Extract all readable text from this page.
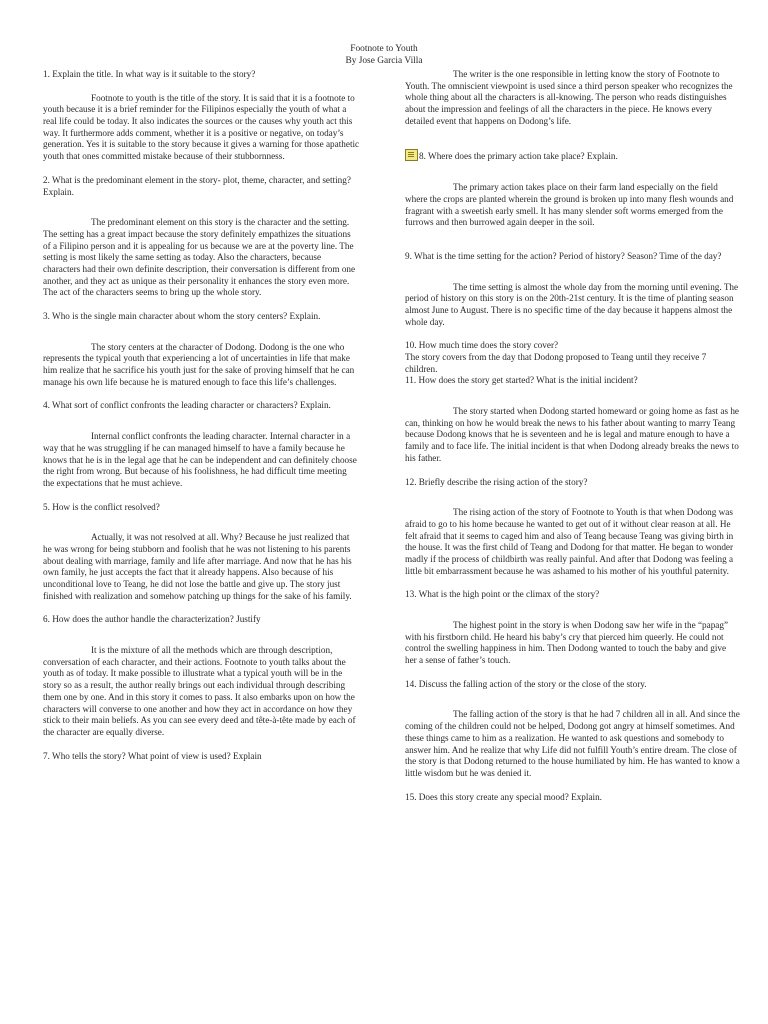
Footnote to Youth
By Jose Garcia Villa

1. Explain the title. In what way is it suitable to the story?

Footnote to youth is the title of the story. It is said that it is a footnote to youth because it is a brief reminder for the Filipinos especially the youth of what a real life could be today. It also indicates the sources or the causes why youth act this way. It furthermore adds comment, whether it is a positive or negative, on today’s generation. Yes it is suitable to the story because it gives a warning for those apathetic youth that ones committed mistake because of their stubbornness.

2. What is the predominant element in the story- plot, theme, character, and setting? Explain.

The predominant element on this story is the character and the setting. The setting has a great impact because the story definitely empathizes the situations of a Filipino person and it is appealing for us because we are at the poverty line. The setting is most likely the same setting as today. Also the characters, because characters had their own definite description, their conversation is different from one another, and they act as unique as their personality it enhances the story even more. The act of the characters seems to bring up the whole story.

3. Who is the single main character about whom the story centers? Explain.

The story centers at the character of Dodong. Dodong is the one who represents the typical youth that experiencing a lot of uncertainties in life that make him realize that he sacrifice his youth just for the sake of proving himself that he can manage his own life because he is matured enough to face this life’s challenges.

4. What sort of conflict confronts the leading character or characters? Explain.

Internal conflict confronts the leading character. Internal character in a way that he was struggling if he can managed himself to have a family because he knows that he is in the legal age that he can be independent and can definitely choose the right from wrong. But because of his foolishness, he had difficult time meeting the expectations that he must achieve.

5. How is the conflict resolved?

Actually, it was not resolved at all. Why? Because he just realized that he was wrong for being stubborn and foolish that he was not listening to his parents about dealing with marriage, family and life after marriage. And now that he has his own family, he just accepts the fact that it already happens. Also because of his unconditional love to Teang, he did not lose the battle and give up. The story just finished with realization and somehow patching up things for the sake of his family.

6. How does the author handle the characterization? Justify

It is the mixture of all the methods which are through description, conversation of each character, and their actions. Footnote to youth talks about the youth as of today. It make possible to illustrate what a typical youth will be in the story so as a result, the author really brings out each individual through describing them one by one. And in this story it comes to pass. It also embarks upon on how the characters will converse to one another and how they act in accordance on how they stick to their main beliefs. As you can see every deed and tête-à-tête made by each of the character are equally diverse.

7. Who tells the story? What point of view is used? Explain

The writer is the one responsible in letting know the story of Footnote to Youth. The omniscient viewpoint is used since a third person speaker who recognizes the whole thing about all the characters is all-knowing. The person who reads distinguishes about the impression and feelings of all the characters in the piece. He knows every detailed event that happens on Dodong’s life.

8. Where does the primary action take place? Explain.

The primary action takes place on their farm land especially on the field where the crops are planted wherein the ground is broken up into many flesh wounds and fragrant with a sweetish early smell. It has many slender soft worms emerged from the furrows and then burrowed again deeper in the soil.

9. What is the time setting for the action? Period of history? Season? Time of the day?

The time setting is almost the whole day from the morning until evening. The period of history on this story is on the 20th-21st century. It is the time of planting season almost June to August. There is no specific time of the day because it happens almost the whole day.

10. How much time does the story cover?

The story covers from the day that Dodong proposed to Teang until they receive 7 children.

11. How does the story get started? What is the initial incident?

The story started when Dodong started homeward or going home as fast as he can, thinking on how he would break the news to his father about wanting to marry Teang because Dodong knows that he is seventeen and he is legal and mature enough to have a family and to face life. The initial incident is that when Dodong already breaks the news to his father.

12. Briefly describe the rising action of the story?

The rising action of the story of Footnote to Youth is that when Dodong was afraid to go to his home because he wanted to get out of it without clear reason at all. He felt afraid that it seems to caged him and also of Teang because Teang was giving birth in the house. It was the first child of Teang and Dodong for that matter. He began to wonder madly if the process of childbirth was really painful. And after that Dodong was feeling a little bit embarrassment because he was ashamed to his mother of his youthful paternity.

13. What is the high point or the climax of the story?

The highest point in the story is when Dodong saw her wife in the “papag” with his firstborn child. He heard his baby’s cry that pierced him queerly. He could not control the swelling happiness in him. Then Dodong wanted to touch the baby and give her a sense of father’s touch.

14. Discuss the falling action of the story or the close of the story.

The falling action of the story is that he had 7 children all in all. And since the coming of the children could not be helped, Dodong got angry at himself sometimes. And these things came to him as a realization. He wanted to ask questions and somebody to answer him. And he realize that why Life did not fulfill Youth’s entire dream. The close of the story is that Dodong returned to the house humiliated by him. He has wanted to know a little wisdom but he was denied it.

15. Does this story create any special mood? Explain.
